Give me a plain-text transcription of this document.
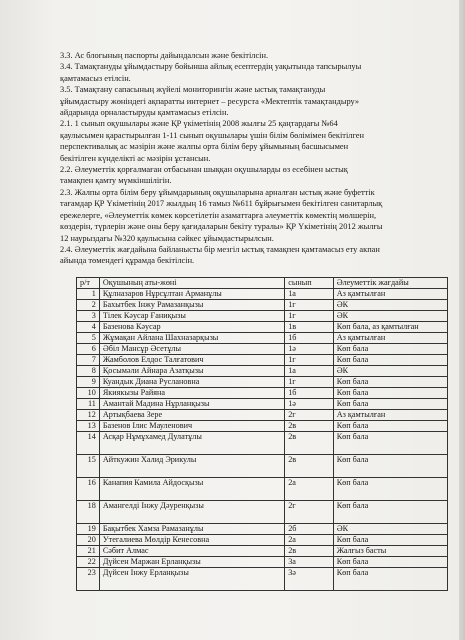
3.3. Ас блогының паспорты дайындалсын және бекітілсін.

3.4. Тамақтануды ұйымдастыру бойынша айлық есептердің уақытында тапсырылуы

қамтамасыз етілсін.

3.5. Тамақтану сапасының жүйелі мониторингін және ыстық тамақтануды

ұйымдастыру жөніндегі ақпаратты интернет – ресурста «Мектептік тамақтандыру»

айдарында орналастыруды қамтамасыз етілсін.

2.1. 1 сынып оқушылары және ҚР үкіметінің 2008 жылғы 25 қаңтардағы №64

қаулысымен қарастырылған 1-11 сынып оқушылары үшін білім бөлімімен бекітілген

перспективалық ас мәзірін және жалпы орта білім беру ұйымының басшысымен

бекітілген күнделікті ас мәзірін ұстансын.

2.2. Әлеуметтік қорғалмаған отбасынан шыққан оқушыларды өз есебінен ыстық

тамақпен қамту мүмкіншілігін.

2.3. Жалпы орта білім беру ұйымдарының оқушыларына арналған ыстық және буфеттік

тағамдар ҚР Үкіметінің 2017 жылдың 16 тамыз №611 бұйрығымен бекітілген санитарлық

ережелерге, «Әлеуметтік көмек көрсетілетін азаматтарға әлеуметтік көмектің мөлшерін,

көздерін, түрлерін және оны беру қағидаларын бекіту туралы» ҚР Үкіметінің 2012 жылғы

12 наурыздағы №320 қаулысына сәйкес ұйымдастырылсын.

2.4. Әлеуметтік жағдайына байланысты бір мезгіл ыстық тамақпен қамтамасыз ету акпан

айында төмендегі құрамда бекітілсін.

р/т	Оқушының аты-жөні	сынып	Әлеуметтік жағдайы
1	Құлназаров Нұрсұлтан Арманұлы	1а	Аз қамтылған
2	Бахытбек Інжу Рамазанқызы	1г	ӘК
3	Тілек Кәусар Ғаниқызы	1г	ӘК
4	Базенова Кәусар	1в	Көп бала, аз қамтылған
5	Жұмақан Айлана Шахназарқызы	1б	Аз қамтылған
6	Әбіл Мансұр Әсетұлы	1ә	Көп бала
7	Жамболов Елдос Талғатович	1г	Көп бала
8	Қосымәли Айнара Азатқызы	1а	ӘК
9	Куандык Диана Руслановна	1г	Көп бала
10	Якиякызы Райяна	1б	Көп бала
11	Амантай Мадина Нұрланқызы	1ә	Көп бала
12	Артықбаева Зере	2г	Аз қамтылған
13	Базенов Ілис Мауленович	2в	Көп бала
14	Асқар Нұмұхамед Дулатұлы	2в	Көп бала
15	Айткужин Халид Эрикулы	2в	Көп бала
16	Канапия Камила Айдосқызы	2а	Көп бала
18	Амангелді Інжу Дәуренқызы	2г	Көп бала
19	Бақытбек Хамза Рамазанұлы	2б	ӘК
20	Утегалиева Мөлдір Кенесовна	2а	Көп бала
21	Сәбит Алмас	2в	Жалғыз басты
22	Дүйсен Маржан Ерланқызы	3а	Көп бала
23	Дүйсен Інжу Ерланқызы	3ә	Көп бала
